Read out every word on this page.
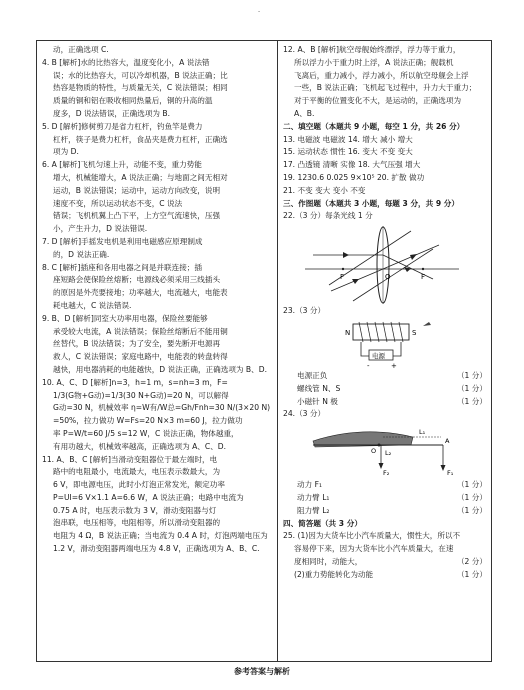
-
动，正确选项 C.
4. B [解析]水的比热容大，温度变化小，A 说法错
误；水的比热容大，可以冷却机器，B 说法正确；比
热容是物质的特性，与质量无关，C 说法错误；相同
质量的铜和铝在吸收相同热量后，铜的升高的温
度多，D 说法错误，正确选项为 B.
5. D [解析]修树剪刀是省力杠杆，钓鱼竿是费力
杠杆，筷子是费力杠杆，食品夹是费力杠杆，正确选
项为 D.
6. A [解析]飞机匀速上升，动能不变，重力势能
增大，机械能增大，A 说法正确；与地面之间无相对
运动，B 说法错误；运动中，运动方向改变，说明
速度不变，所以运动状态不变，C 说法
错误；飞机机翼上凸下平，上方空气流速快，压强
小，产生升力，D 说法错误.
7. D [解析]手摇发电机是利用电磁感应原理制成
的，D 说法正确.
8. C [解析]插座和各用电器之间是并联连接；插
座短路会使保险丝熔断；电源线必须采用三线插头
的原因是外壳要接地；功率越大，电流越大，电能表
耗电越大，C 说法错误.
9. B、D [解析]同室大功率用电器，保险丝要能够
承受较大电流，A 说法错误；保险丝熔断后不能用铜
丝替代，B 说法错误；为了安全，要先断开电源再
救人，C 说法错误；家庭电路中，电能表的转盘转得
越快，用电器消耗的电能越快，D 说法正确，正确选项为 B、D.
10. A、C、D [解析]n=3，h=1 m，s=nh=3 m，F=
1/3(G物+G动)=1/3(30 N+G动)=20 N，可以解得
G动=30 N，机械效率 η=W有/W总=Gh/Fnh=30 N/(3×20 N)
=50%，拉力做功 W=Fs=20 N×3 m=60 J，拉力做功
率 P=W/t=60 J/5 s=12 W，C 说法正确，物体越重，
有用功越大，机械效率越高，正确选项为 A、C、D.
11. A、B、C [解析]当滑动变阻器位于最左端时，电
路中的电阻最小，电流最大，电压表示数最大，为
6 V，即电源电压，此时小灯泡正常发光，额定功率
P=UI=6 V×1.1 A=6.6 W，A 说法正确；电路中电流为
0.75 A 时，电压表示数为 3 V，滑动变阻器与灯
泡串联，电压相等，电阻相等，所以滑动变阻器的
电阻为 4 Ω，B 说法正确；当电流为 0.4 A 时，灯泡两端电压为
1.2 V，滑动变阻器两端电压为 4.8 V，正确选项为 A、B、C.
12. A、B [解析]航空母舰始终漂浮，浮力等于重力，
所以浮力小于重力时上浮，A 说法正确；舰载机
飞离后，重力减小，浮力减小，所以航空母舰会上浮
一些，B 说法正确；飞机起飞过程中，升力大于重力；
对于平衡的位置变化不大，是运动的，正确选项为
A、B.
二、填空题（本题共 9 小题，每空 1 分，共 26 分）
13. 电磁波 电磁波 14. 增大 减小 增大
15. 运动状态 惯性 16. 变大 不变 变大
17. 凸透镜 清晰 实像 18. 大气压强 增大
19. 1230.6 0.025 9×10⁵ 20. 扩散 做功
21. 不变 变大 变小 不变
三、作图题（本题共 3 小题，每题 3 分，共 9 分）
22.（3 分）每条光线 1 分
F	F
O
23.（3 分）
N	S
电源
-	+
电源正负	（1 分）
螺线管 N、S	（1 分）
小磁针 N 极	（1 分）
24.（3 分）
L₁
L₂
A
O
F₂	F₁
动力 F₁	（1 分）
动力臂 L₁	（1 分）
阻力臂 L₂	（1 分）
四、简答题（共 3 分）
25. (1)因为大货车比小汽车质量大，惯性大，所以不
容易停下来，因为大货车比小汽车质量大，在速
度相同时，动能大，	（2 分）
(2)重力势能转化为动能	（1 分）
参考答案与解析
